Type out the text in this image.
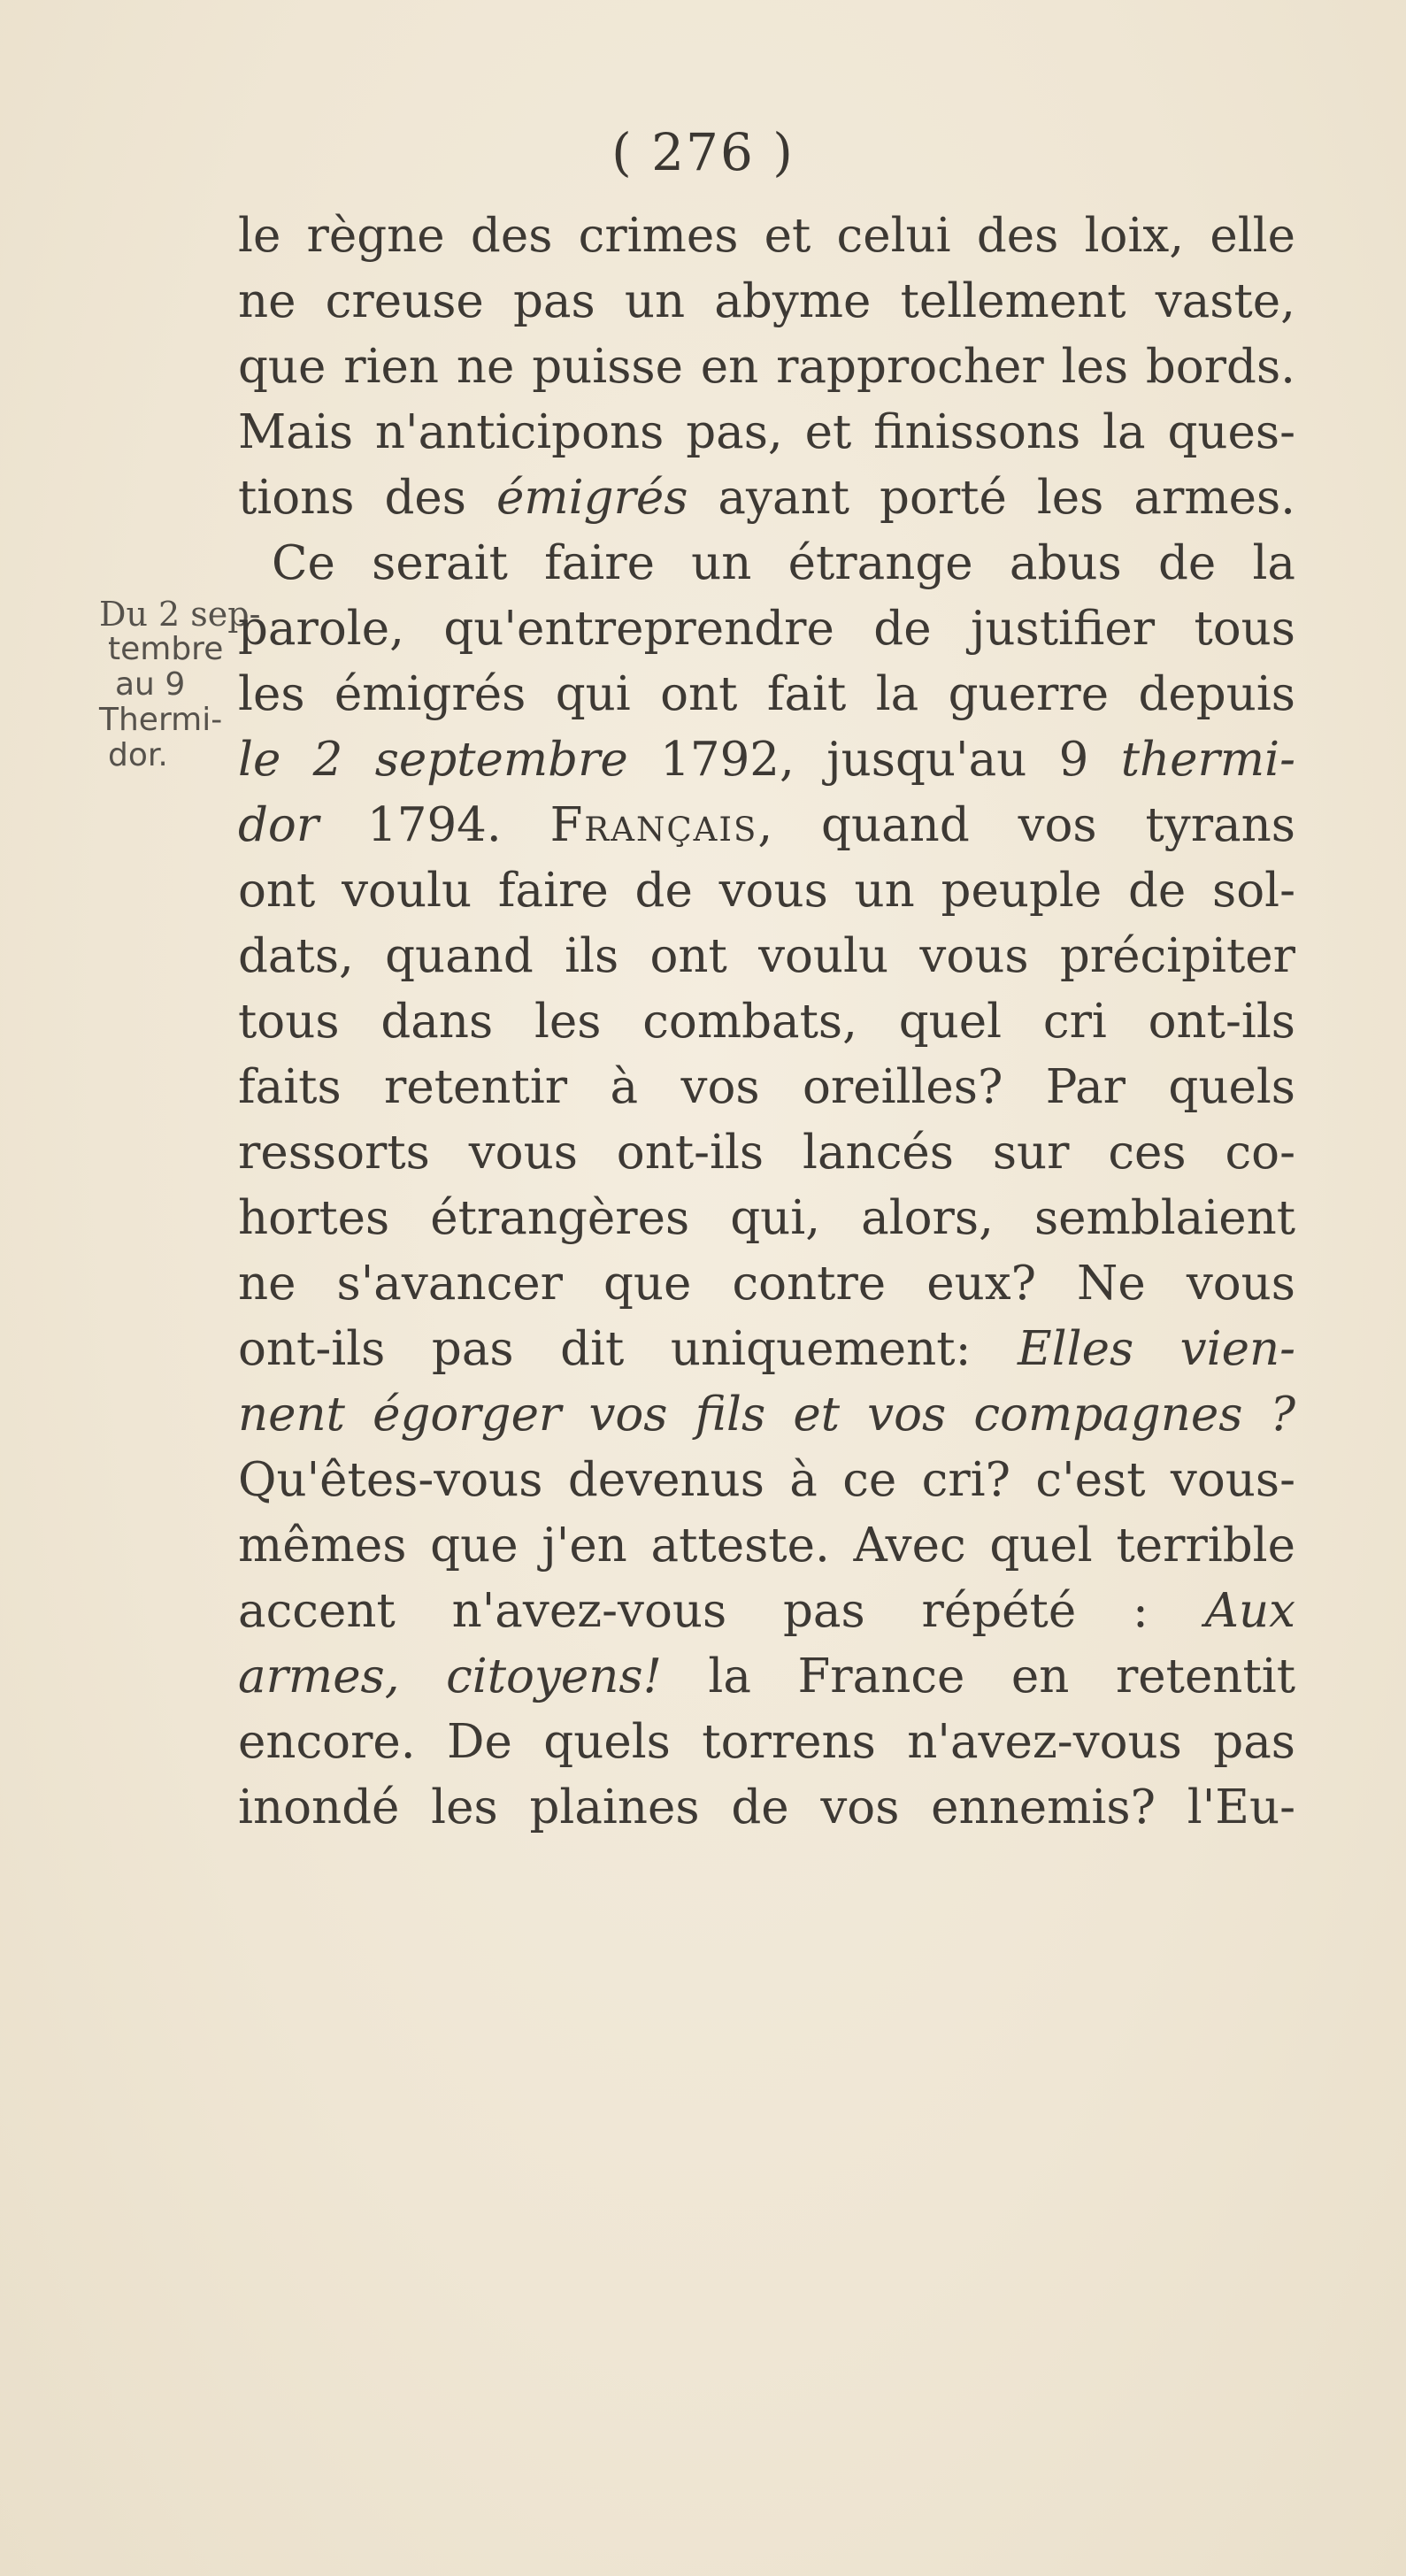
( 276 )
Du 2 sep-
tembre
au 9
Thermi-
dor.
le règne des crimes et celui des loix, elle
ne creuse pas un abyme tellement vaste,
que rien ne puisse en rapprocher les bords.
Mais n'anticipons pas, et finissons la ques-
tions des émigrés ayant porté les armes.
Ce serait faire un étrange abus de la
parole, qu'entreprendre de justifier tous
les émigrés qui ont fait la guerre depuis
le 2 septembre 1792, jusqu'au 9 thermi-
dor 1794. Français, quand vos tyrans
ont voulu faire de vous un peuple de sol-
dats, quand ils ont voulu vous précipiter
tous dans les combats, quel cri ont-ils
faits retentir à vos oreilles? Par quels
ressorts vous ont-ils lancés sur ces co-
hortes étrangères qui, alors, semblaient
ne s'avancer que contre eux? Ne vous
ont-ils pas dit uniquement: Elles vien-
nent égorger vos fils et vos compagnes ?
Qu'êtes-vous devenus à ce cri? c'est vous-
mêmes que j'en atteste. Avec quel terrible
accent n'avez-vous pas répété : Aux
armes, citoyens! la France en retentit
encore. De quels torrens n'avez-vous pas
inondé les plaines de vos ennemis? l'Eu-
